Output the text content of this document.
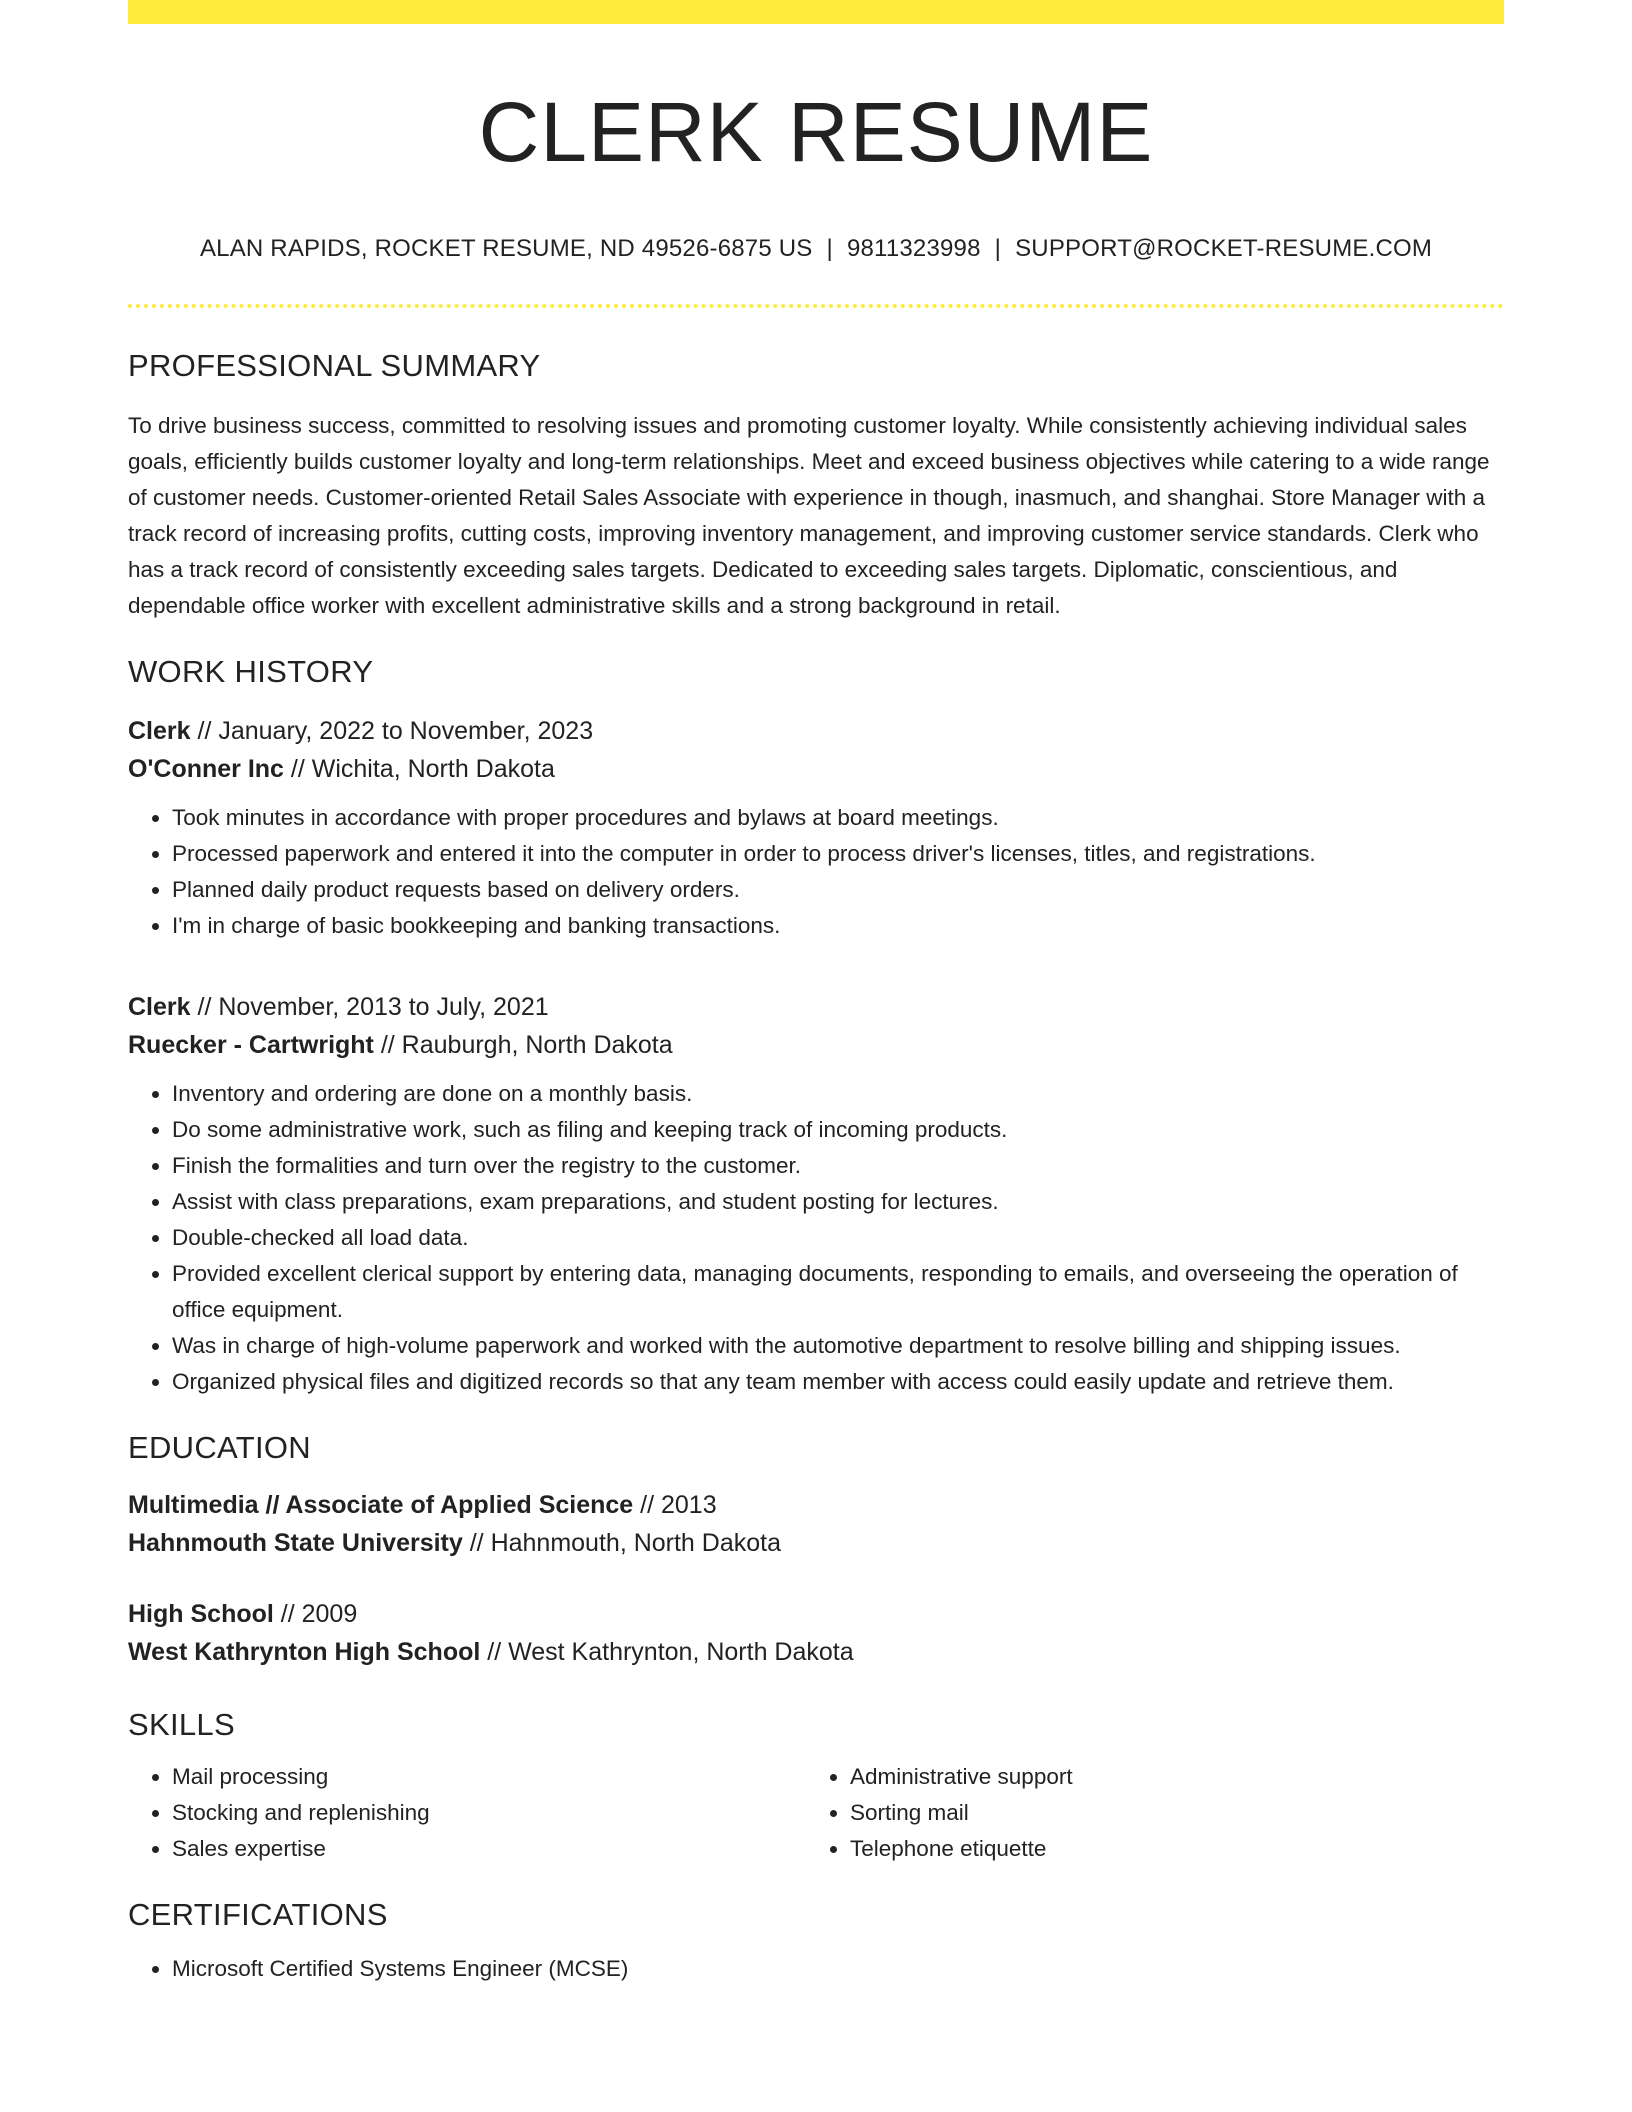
CLERK RESUME
ALAN RAPIDS, ROCKET RESUME, ND 49526-6875 US | 9811323998 | SUPPORT@ROCKET-RESUME.COM
PROFESSIONAL SUMMARY
To drive business success, committed to resolving issues and promoting customer loyalty. While consistently achieving individual sales goals, efficiently builds customer loyalty and long-term relationships. Meet and exceed business objectives while catering to a wide range of customer needs. Customer-oriented Retail Sales Associate with experience in though, inasmuch, and shanghai. Store Manager with a track record of increasing profits, cutting costs, improving inventory management, and improving customer service standards. Clerk who has a track record of consistently exceeding sales targets. Dedicated to exceeding sales targets. Diplomatic, conscientious, and dependable office worker with excellent administrative skills and a strong background in retail.
WORK HISTORY
Clerk // January, 2022 to November, 2023
O'Conner Inc // Wichita, North Dakota
• Took minutes in accordance with proper procedures and bylaws at board meetings.
• Processed paperwork and entered it into the computer in order to process driver's licenses, titles, and registrations.
• Planned daily product requests based on delivery orders.
• I'm in charge of basic bookkeeping and banking transactions.
Clerk // November, 2013 to July, 2021
Ruecker - Cartwright // Rauburgh, North Dakota
• Inventory and ordering are done on a monthly basis.
• Do some administrative work, such as filing and keeping track of incoming products.
• Finish the formalities and turn over the registry to the customer.
• Assist with class preparations, exam preparations, and student posting for lectures.
• Double-checked all load data.
• Provided excellent clerical support by entering data, managing documents, responding to emails, and overseeing the operation of office equipment.
• Was in charge of high-volume paperwork and worked with the automotive department to resolve billing and shipping issues.
• Organized physical files and digitized records so that any team member with access could easily update and retrieve them.
EDUCATION
Multimedia // Associate of Applied Science // 2013
Hahnmouth State University // Hahnmouth, North Dakota
High School // 2009
West Kathrynton High School // West Kathrynton, North Dakota
SKILLS
• Mail processing
• Stocking and replenishing
• Sales expertise
• Administrative support
• Sorting mail
• Telephone etiquette
CERTIFICATIONS
• Microsoft Certified Systems Engineer (MCSE)
